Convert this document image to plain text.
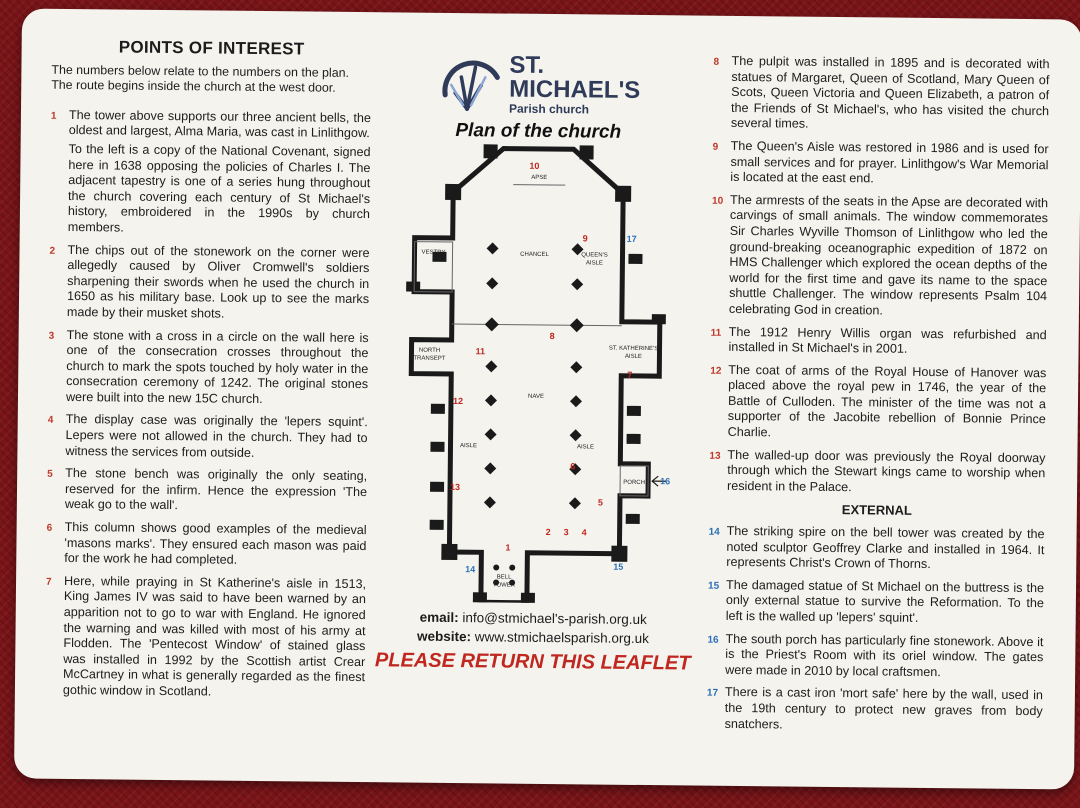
POINTS OF INTEREST

The numbers below relate to the numbers on the plan. The route begins inside the church at the west door.

1 The tower above supports our three ancient bells, the oldest and largest, Alma Maria, was cast in Linlithgow.
To the left is a copy of the National Covenant, signed here in 1638 opposing the policies of Charles I. The adjacent tapestry is one of a series hung throughout the church covering each century of St Michael's history, embroidered in the 1990s by church members.
2 The chips out of the stonework on the corner were allegedly caused by Oliver Cromwell's soldiers sharpening their swords when he used the church in 1650 as his military base. Look up to see the marks made by their musket shots.
3 The stone with a cross in a circle on the wall here is one of the consecration crosses throughout the church to mark the spots touched by holy water in the consecration ceremony of 1242. The original stones were built into the new 15C church.
4 The display case was originally the 'lepers squint'. Lepers were not allowed in the church. They had to witness the services from outside.
5 The stone bench was originally the only seating, reserved for the infirm. Hence the expression 'The weak go to the wall'.
6 This column shows good examples of the medieval 'masons marks'. They ensured each mason was paid for the work he had completed.
7 Here, while praying in St Katherine's aisle in 1513, King James IV was said to have been warned by an apparition not to go to war with England. He ignored the warning and was killed with most of his army at Flodden. The 'Pentecost Window' of stained glass was installed in 1992 by the Scottish artist Crear McCartney in what is generally regarded as the finest gothic window in Scotland.
ST.
MICHAEL'S
Parish church
Plan of the church
APSE
VESTRY	CHANCEL	QUEEN'S
AISLE
NORTH
TRANSEPT
ST. KATHERINE'S
AISLE
NAVE
AISLE	AISLE
PORCH
BELL
TOWER
1
2 3 4
5
6
7
8
9
10
11
12
13
14	15
16
17
email: info@stmichael's-parish.org.uk
website: www.stmichaelsparish.org.uk
PLEASE RETURN THIS LEAFLET
8 The pulpit was installed in 1895 and is decorated with statues of Margaret, Queen of Scotland, Mary Queen of Scots, Queen Victoria and Queen Elizabeth, a patron of the Friends of St Michael's, who has visited the church several times.
9 The Queen's Aisle was restored in 1986 and is used for small services and for prayer. Linlithgow's War Memorial is located at the east end.
10 The armrests of the seats in the Apse are decorated with carvings of small animals. The window commemorates Sir Charles Wyville Thomson of Linlithgow who led the ground-breaking oceanographic expedition of 1872 on HMS Challenger which explored the ocean depths of the world for the first time and gave its name to the space shuttle Challenger. The window represents Psalm 104 celebrating God in creation.
11 The 1912 Henry Willis organ was refurbished and installed in St Michael's in 2001.
12 The coat of arms of the Royal House of Hanover was placed above the royal pew in 1746, the year of the Battle of Culloden. The minister of the time was not a supporter of the Jacobite rebellion of Bonnie Prince Charlie.
13 The walled-up door was previously the Royal doorway through which the Stewart kings came to worship when resident in the Palace.
EXTERNAL
14 The striking spire on the bell tower was created by the noted sculptor Geoffrey Clarke and installed in 1964. It represents Christ's Crown of Thorns.
15 The damaged statue of St Michael on the buttress is the only external statue to survive the Reformation. To the left is the walled up 'lepers' squint'.
16 The south porch has particularly fine stonework. Above it is the Priest's Room with its oriel window. The gates were made in 2010 by local craftsmen.
17 There is a cast iron 'mort safe' here by the wall, used in the 19th century to protect new graves from body snatchers.
